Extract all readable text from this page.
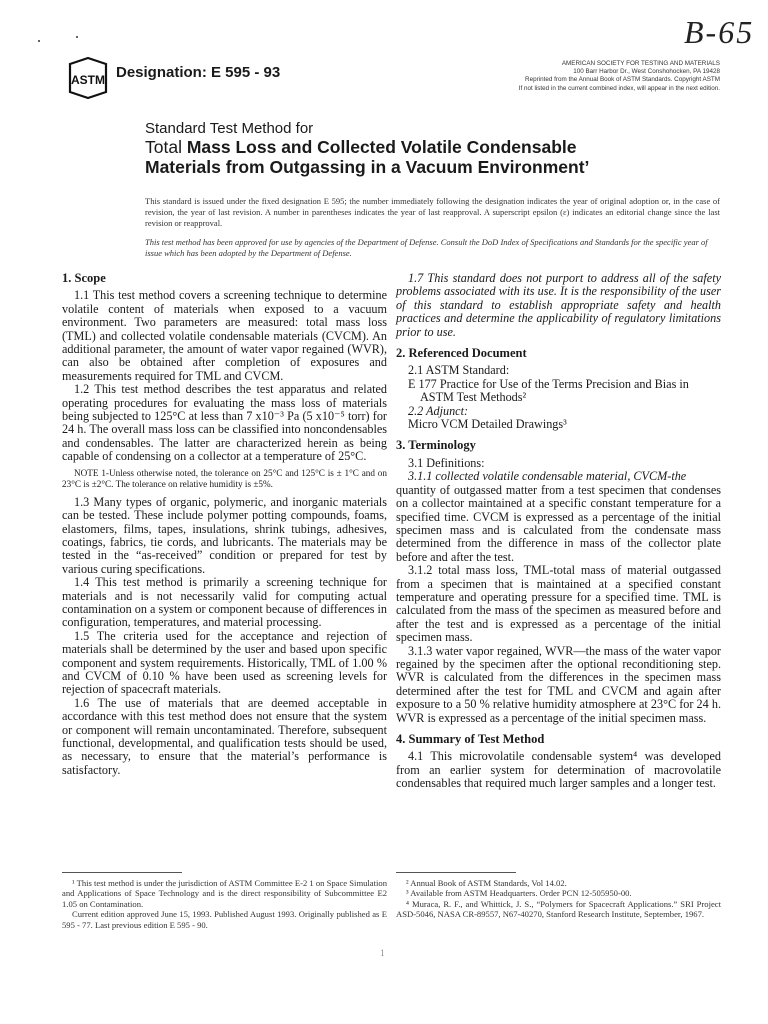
B-65
ASTM Designation: E 595 - 93
AMERICAN SOCIETY FOR TESTING AND MATERIALS
100 Barr Harbor Dr., West Conshohocken, PA 19428
Reprinted from the Annual Book of ASTM Standards. Copyright ASTM
If not listed in the current combined index, will appear in the next edition.
Standard Test Method for
Total Mass Loss and Collected Volatile Condensable
Materials from Outgassing in a Vacuum Environment’
This standard is issued under the fixed designation E 595; the number immediately following the designation indicates the year of original adoption or, in the case of revision, the year of last revision. A number in parentheses indicates the year of last reapproval. A superscript epsilon (ε) indicates an editorial change since the last revision or reapproval.
This test method has been approved for use by agencies of the Department of Defense. Consult the DoD Index of Specifications and Standards for the specific year of issue which has been adopted by the Department of Defense.
1. Scope

1.1 This test method covers a screening technique to determine volatile content of materials when exposed to a vacuum environment. Two parameters are measured: total mass loss (TML) and collected volatile condensable materials (CVCM). An additional parameter, the amount of water vapor regained (WVR), can also be obtained after completion of exposures and measurements required for TML and CVCM.

1.2 This test method describes the test apparatus and related operating procedures for evaluating the mass loss of materials being subjected to 125°C at less than 7 x10⁻³ Pa (5 x10⁻⁵ torr) for 24 h. The overall mass loss can be classified into noncondensables and condensables. The latter are characterized herein as being capable of condensing on a collector at a temperature of 25°C.

NOTE 1-Unless otherwise noted, the tolerance on 25°C and 125°C is ± 1°C and on 23°C is ±2°C. The tolerance on relative humidity is ±5%.

1.3 Many types of organic, polymeric, and inorganic materials can be tested. These include polymer potting compounds, foams, elastomers, films, tapes, insulations, shrink tubings, adhesives, coatings, fabrics, tie cords, and lubricants. The materials may be tested in the “as-received” condition or prepared for test by various curing specifications.

1.4 This test method is primarily a screening technique for materials and is not necessarily valid for computing actual contamination on a system or component because of differences in configuration, temperatures, and material processing.

1.5 The criteria used for the acceptance and rejection of materials shall be determined by the user and based upon specific component and system requirements. Historically, TML of 1.00 % and CVCM of 0.10 % have been used as screening levels for rejection of spacecraft materials.

1.6 The use of materials that are deemed acceptable in accordance with this test method does not ensure that the system or component will remain uncontaminated. Therefore, subsequent functional, developmental, and qualification tests should be used, as necessary, to ensure that the material’s performance is satisfactory.

1.7 This standard does not purport to address all of the safety problems associated with its use. It is the responsibility of the user of this standard to establish appropriate safety and health practices and determine the applicability of regulatory limitations prior to use.

2. Referenced Document

2.1 ASTM Standard:

E 177 Practice for Use of the Terms Precision and Bias in

ASTM Test Methods²

2.2 Adjunct:

Micro VCM Detailed Drawings³

3. Terminology

3.1 Definitions:

3.1.1 collected volatile condensable material, CVCM-the

quantity of outgassed matter from a test specimen that condenses on a collector maintained at a specific constant temperature for a specified time. CVCM is expressed as a percentage of the initial specimen mass and is calculated from the condensate mass determined from the difference in mass of the collector plate before and after the test.

3.1.2 total mass loss, TML-total mass of material outgassed from a specimen that is maintained at a specified constant temperature and operating pressure for a specified time. TML is calculated from the mass of the specimen as measured before and after the test and is expressed as a percentage of the initial specimen mass.

3.1.3 water vapor regained, WVR—the mass of the water vapor regained by the specimen after the optional reconditioning step. WVR is calculated from the differences in the specimen mass determined after the test for TML and CVCM and again after exposure to a 50 % relative humidity atmosphere at 23°C for 24 h. WVR is expressed as a percentage of the initial specimen mass.

4. Summary of Test Method

4.1 This microvolatile condensable system⁴ was developed from an earlier system for determination of macrovolatile condensables that required much larger samples and a longer test.

¹ This test method is under the jurisdiction of ASTM Committee E-2 1 on Space Simulation and Applications of Space Technology and is the direct responsibility of Subcommittee E2 1.05 on Contamination.

Current edition approved June 15, 1993. Published August 1993. Originally published as E 595 - 77. Last previous edition E 595 - 90.

² Annual Book of ASTM Standards, Vol 14.02.

³ Available from ASTM Headquarters. Order PCN 12-505950-00.

⁴ Muraca, R. F., and Whittick, J. S., “Polymers for Spacecraft Applications.” SRI Project ASD-5046, NASA CR-89557, N67-40270, Stanford Research Institute, September, 1967.

1
